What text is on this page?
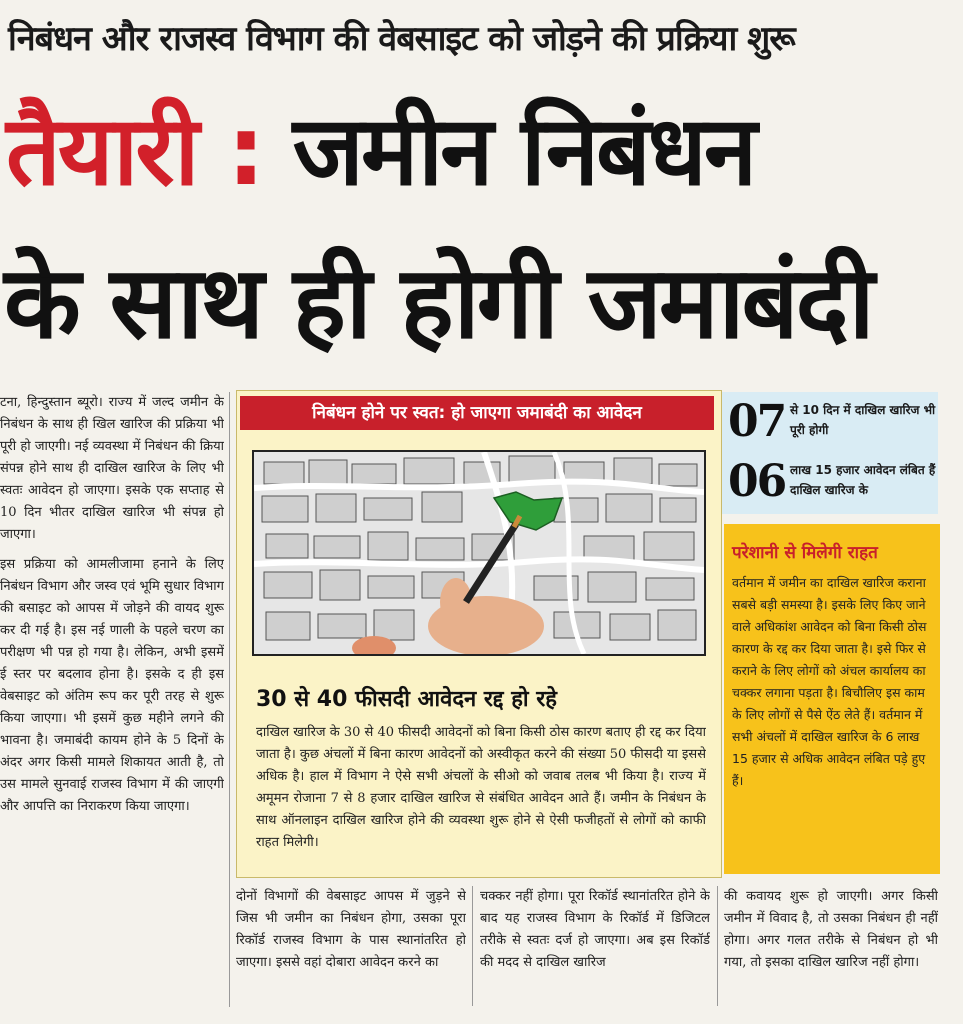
निबंधन और राजस्व विभाग की वेबसाइट को जोड़ने की प्रक्रिया शुरू
तैयारी : जमीन निबंधन
के साथ ही होगी जमाबंदी

टना, हिन्दुस्तान ब्यूरो। राज्य में जल्द जमीन के निबंधन के साथ ही खिल खारिज की प्रक्रिया भी पूरी हो जाएगी। नई व्यवस्था में निबंधन की क्रिया संपन्न होने साथ ही दाखिल खारिज के लिए भी स्वतः आवेदन हो जाएगा। इसके एक सप्ताह से 10 दिन भीतर दाखिल खारिज भी संपन्न हो जाएगा।

इस प्रक्रिया को आमलीजामा हनाने के लिए निबंधन विभाग और जस्व एवं भूमि सुधार विभाग की बसाइट को आपस में जोड़ने की वायद शुरू कर दी गई है। इस नई णाली के पहले चरण का परीक्षण भी पन्न हो गया है। लेकिन, अभी इसमें ई स्तर पर बदलाव होना है। इसके द ही इस वेबसाइट को अंतिम रूप कर पूरी तरह से शुरू किया जाएगा। भी इसमें कुछ महीने लगने की भावना है। जमाबंदी कायम होने के 5 दिनों के अंदर अगर किसी मामले शिकायत आती है, तो उस मामले सुनवाई राजस्व विभाग में की जाएगी और आपत्ति का निराकरण किया जाएगा।

निबंधन होने पर स्वत: हो जाएगा जमाबंदी का आवेदन
30 से 40 फीसदी आवेदन रद्द हो रहे
दाखिल खारिज के 30 से 40 फीसदी आवेदनों को बिना किसी ठोस कारण बताए ही रद्द कर दिया जाता है। कुछ अंचलों में बिना कारण आवेदनों को अस्वीकृत करने की संख्या 50 फीसदी या इससे अधिक है। हाल में विभाग ने ऐसे सभी अंचलों के सीओ को जवाब तलब भी किया है। राज्य में अमूमन रोजाना 7 से 8 हजार दाखिल खारिज से संबंधित आवेदन आते हैं। जमीन के निबंधन के साथ ऑनलाइन दाखिल खारिज होने की व्यवस्था शुरू होने से ऐसी फजीहतों से लोगों को काफी राहत मिलेगी।
07 से 10 दिन में दाखिल खारिज भी पूरी होगी
06 लाख 15 हजार आवेदन लंबित हैं दाखिल खारिज के
परेशानी से मिलेगी राहत
वर्तमान में जमीन का दाखिल खारिज कराना सबसे बड़ी समस्या है। इसके लिए किए जाने वाले अधिकांश आवेदन को बिना किसी ठोस कारण के रद्द कर दिया जाता है। इसे फिर से कराने के लिए लोगों को अंचल कार्यालय का चक्कर लगाना पड़ता है। बिचौलिए इस काम के लिए लोगों से पैसे ऐंठ लेते हैं। वर्तमान में सभी अंचलों में दाखिल खारिज के 6 लाख 15 हजार से अधिक आवेदन लंबित पड़े हुए हैं।
दोनों विभागों की वेबसाइट आपस में जुड़ने से जिस भी जमीन का निबंधन होगा, उसका पूरा रिकॉर्ड राजस्व विभाग के पास स्थानांतरित हो जाएगा। इससे वहां दोबारा आवेदन करने का
चक्कर नहीं होगा। पूरा रिकॉर्ड स्थानांतरित होने के बाद यह राजस्व विभाग के रिकॉर्ड में डिजिटल तरीके से स्वतः दर्ज हो जाएगा। अब इस रिकॉर्ड की मदद से दाखिल खारिज
की कवायद शुरू हो जाएगी। अगर किसी जमीन में विवाद है, तो उसका निबंधन ही नहीं होगा। अगर गलत तरीके से निबंधन हो भी गया, तो इसका दाखिल खारिज नहीं होगा।
